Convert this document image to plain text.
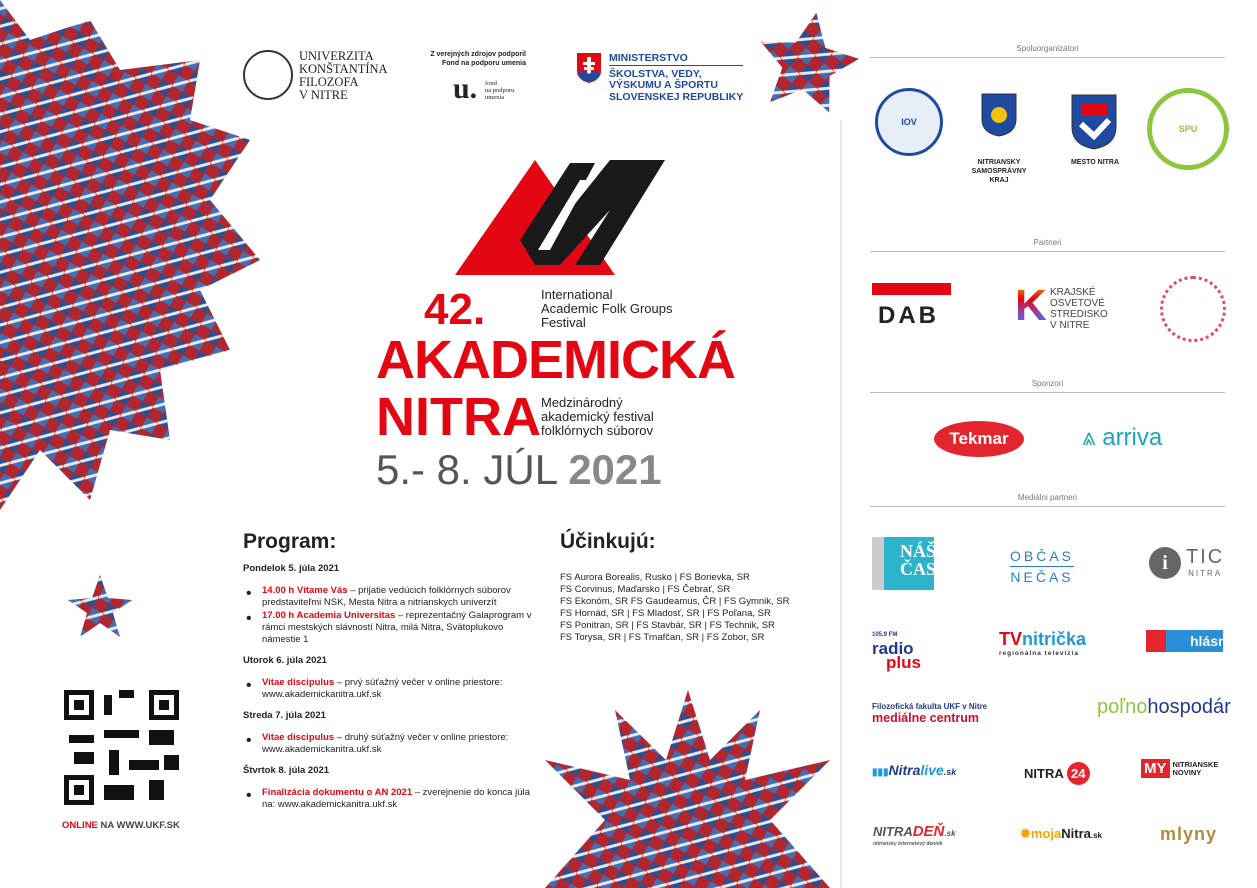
UNIVERZITA
KONŠTANTÍNA
FILOZOFA
V NITRE
Z verejných zdrojov podporil
Fond na podporu umenia
u. fond
na podporu
umenia
MINISTERSTVO
ŠKOLSTVA, VEDY,
VÝSKUMU A ŠPORTU
SLOVENSKEJ REPUBLIKY
42.	International
Academic Folk Groups
Festival
AKADEMICKÁ
NITRA Medzinárodný
akademický festival
folklórnych súborov
5.- 8. JÚL 2021
Program:

Pondelok 5. júla 2021

• 14.00 h Vítame Vás – prijatie vedúcich folklórnych súborov predstaviteľmi NSK, Mesta Nitra a nitrianskych univerzít

• 17.00 h Academia Universitas – reprezentačný Galaprogram v rámci mestských slávností Nitra, milá Nitra, Svätoplukovo námestie 1

Utorok 6. júla 2021

• Vitae discipulus – prvý súťažný večer v online priestore: www.akademickanitra.ukf.sk

Streda 7. júla 2021

• Vitae discipulus – druhý súťažný večer v online priestore: www.akademickanitra.ukf.sk

Štvrtok 8. júla 2021

• Finalizácia dokumentu o AN 2021 – zverejnenie do konca júla na: www.akademickanitra.ukf.sk

Účinkujú:
FS Aurora Borealis, Rusko | FS Borievka, SR
FS Corvinus, Maďarsko | FS Čebrať, SR
FS Ekonóm, SR FS Gaudeamus, ČR | FS Gymnik, SR
FS Hornád, SR | FS Mladosť, SR | FS Poľana, SR
FS Ponitran, SR | FS Stavbár, SR | FS Technik, SR
FS Torysa, SR | FS Trnafčan, SR | FS Zobor, SR
ONLINE NA WWW.UKF.SK
Spoluorganizátori
IOV
NITRIANSKY
SAMOSPRÁVNY
KRAJ
MESTO NITRA
SPU
Partneri
DAB K KRAJSKÉ
OSVETOVÉ
STREDISKO
V NITRE
Sponzori
Tekmar	⩓ arriva
Mediálni partneri
NÁŠ
ČAS
OBČAS
NEČAS
i TIC
NITRA
105,9 FM
radio
plus
TVnitrička
regionálna televízia
hlásnik
Filozofická fakulta UKF v Nitre
mediálne centrum	poľnohospodár
▮▮▮Nitralive.sk	NITRA 24	MY NITRIANSKE
NOVINY
NITRADEŇ.sk
nitriansky internetový denník
✹mojaNitra.sk	mlyny
